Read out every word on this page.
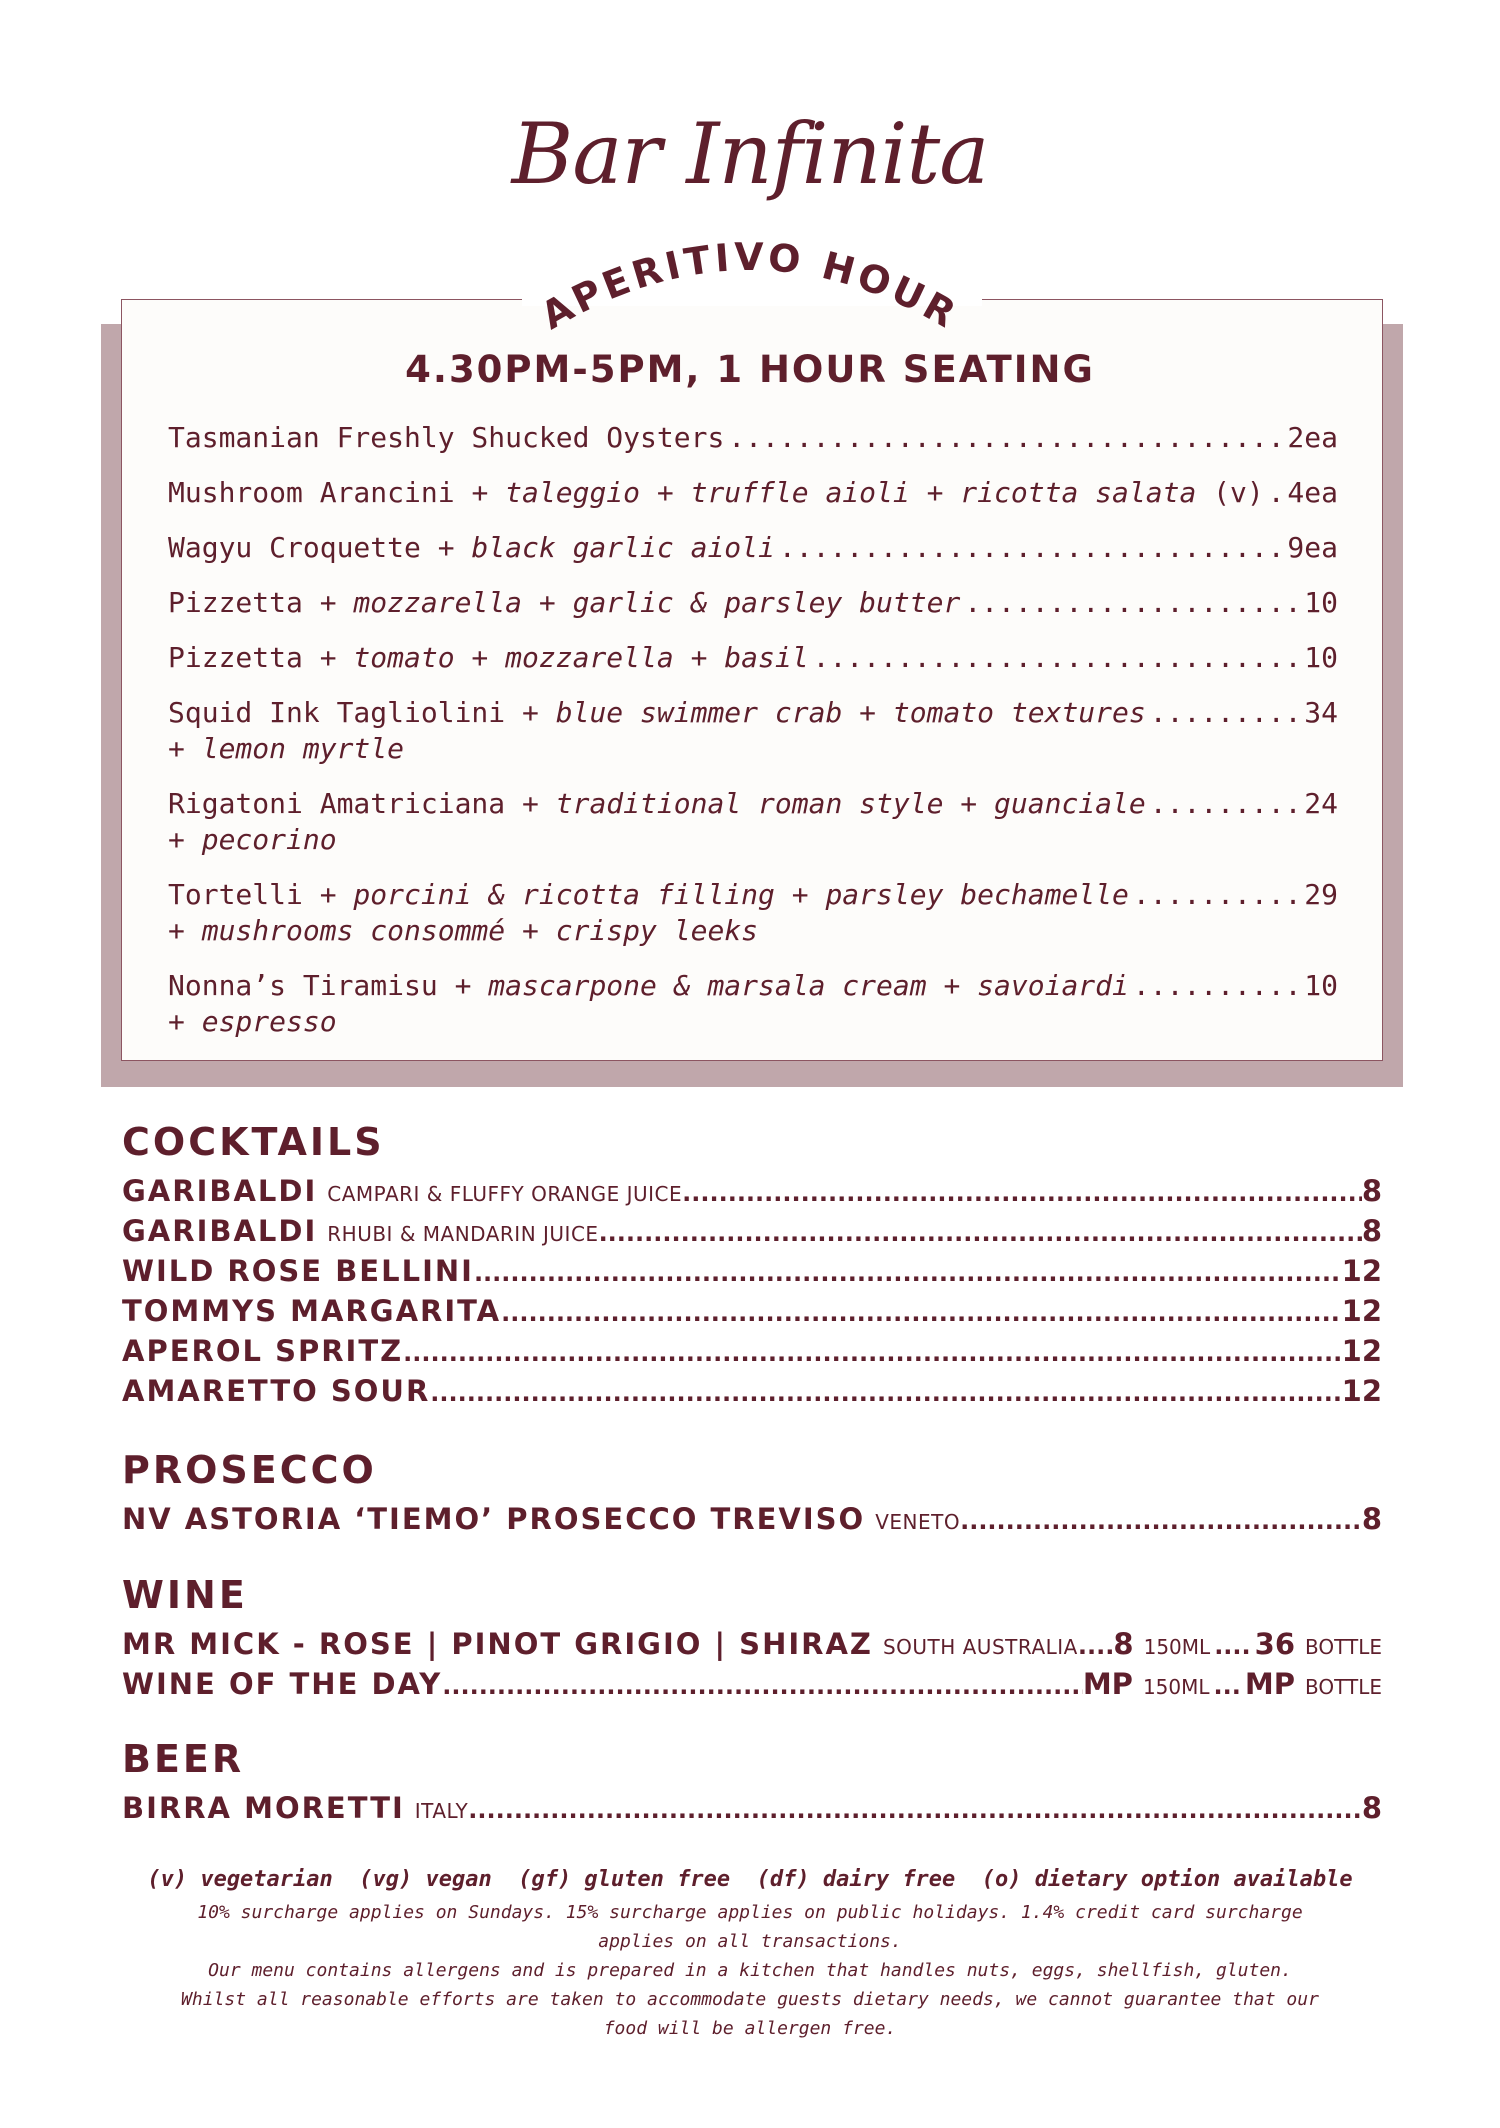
Bar Infinita
APERITIVO HOUR
4.30PM-5PM, 1 HOUR SEATING
Tasmanian Freshly Shucked Oysters .....	2ea
Mushroom Arancini + taleggio + truffle aioli + ricotta salata (v) ..... 4ea
Wagyu Croquette + black garlic aioli .....	9ea
Pizzetta + mozzarella + garlic & parsley butter .....	10
Pizzetta + tomato + mozzarella + basil .....	10
Squid Ink Tagliolini + blue swimmer crab + tomato textures .....	34
+ lemon myrtle
Rigatoni Amatriciana + traditional roman style + guanciale .....	24
+ pecorino
Tortelli + porcini & ricotta filling + parsley bechamelle .....	29
+ mushrooms consommé + crispy leeks
Nonna’s Tiramisu + mascarpone & marsala cream + savoiardi .....	10
+ espresso
COCKTAILS
GARIBALDI CAMPARI & FLUFFY ORANGE JUICE .....	8
GARIBALDI RHUBI & MANDARIN JUICE .....	8
WILD ROSE BELLINI .....	12
TOMMYS MARGARITA .....	12
APEROL SPRITZ .....	12
AMARETTO SOUR .....	12
PROSECCO
NV ASTORIA ‘TIEMO’ PROSECCO TREVISO VENETO .....	8
WINE
MR MICK - ROSE | PINOT GRIGIO | SHIRAZ SOUTH AUSTRALIA ..... 8 150ML .... 36 BOTTLE
WINE OF THE DAY .....	MP 150ML ... MP BOTTLE
BEER
BIRRA MORETTI ITALY .....	8
(v) vegetarian  (vg) vegan  (gf) gluten free  (df) dairy free  (o) dietary option available
10% surcharge applies on Sundays. 15% surcharge applies on public holidays. 1.4% credit card surcharge
applies on all transactions.
Our menu contains allergens and is prepared in a kitchen that handles nuts, eggs, shellfish, gluten.
Whilst all reasonable efforts are taken to accommodate guests dietary needs, we cannot guarantee that our
food will be allergen free.
